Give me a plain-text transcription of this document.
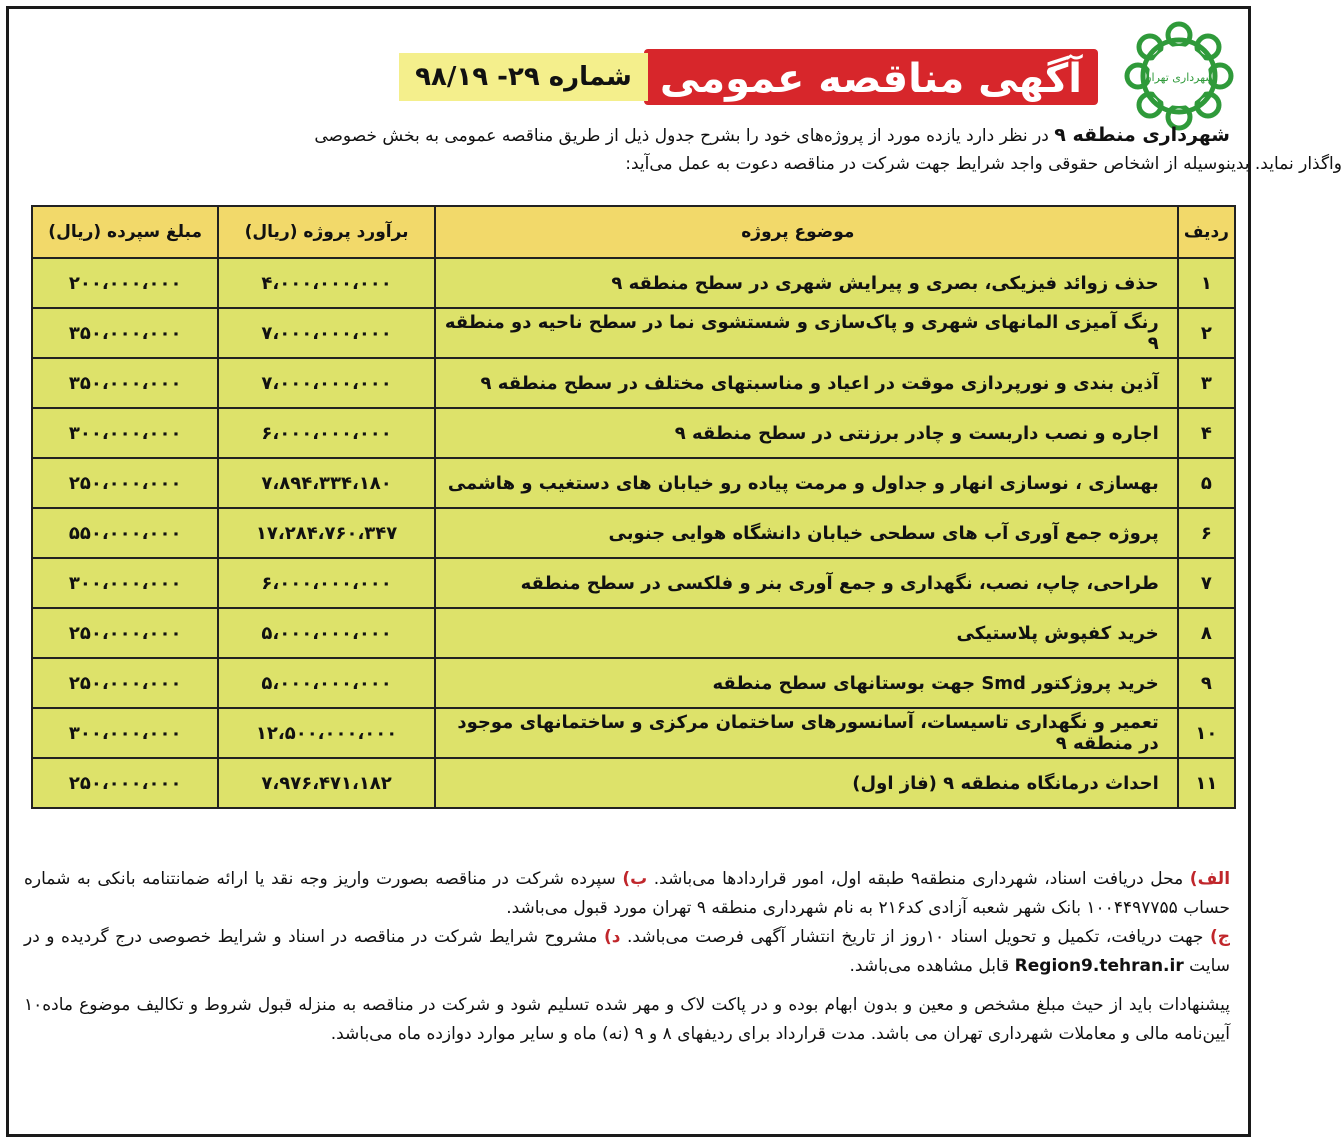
شهرداری تهران
آگهی مناقصه عمومی
شماره ۲۹- ۹۸/۱۹
شهرداری منطقه ۹ در نظر دارد یازده مورد از پروژه‌های خود را بشرح جدول ذیل از طریق مناقصه عمومی به بخش خصوصی
واگذار نماید. بدینوسیله از اشخاص حقوقی واجد شرایط جهت شرکت در مناقصه دعوت به عمل می‌آید:
ردیف	موضوع پروژه	برآورد پروژه (ریال)	مبلغ سپرده (ریال)
۱	حذف زوائد فیزیکی، بصری و پیرایش شهری در سطح منطقه ۹	۴،۰۰۰،۰۰۰،۰۰۰	۲۰۰،۰۰۰،۰۰۰
۲	رنگ آمیزی المانهای شهری و پاک‌سازی و شستشوی نما در سطح ناحیه دو منطقه ۹	۷،۰۰۰،۰۰۰،۰۰۰	۳۵۰،۰۰۰،۰۰۰
۳	آذین بندی و نورپردازی موقت در اعیاد و مناسبتهای مختلف در سطح منطقه ۹	۷،۰۰۰،۰۰۰،۰۰۰	۳۵۰،۰۰۰،۰۰۰
۴	اجاره و نصب داربست و چادر برزنتی در سطح منطقه ۹	۶،۰۰۰،۰۰۰،۰۰۰	۳۰۰،۰۰۰،۰۰۰
۵	بهسازی ، نوسازی انهار و جداول و مرمت پیاده رو خیابان های دستغیب و هاشمی	۷،۸۹۴،۳۳۴،۱۸۰	۲۵۰،۰۰۰،۰۰۰
۶	پروژه جمع آوری آب های سطحی خیابان دانشگاه هوایی جنوبی	۱۷،۲۸۴،۷۶۰،۳۴۷	۵۵۰،۰۰۰،۰۰۰
۷	طراحی، چاپ، نصب، نگهداری و جمع آوری بنر و فلکسی در سطح منطقه	۶،۰۰۰،۰۰۰،۰۰۰	۳۰۰،۰۰۰،۰۰۰
۸	خرید کفپوش پلاستیکی	۵،۰۰۰،۰۰۰،۰۰۰	۲۵۰،۰۰۰،۰۰۰
۹	خرید پروژکتور Smd جهت بوستانهای سطح منطقه	۵،۰۰۰،۰۰۰،۰۰۰	۲۵۰،۰۰۰،۰۰۰
۱۰	تعمیر و نگهداری تاسیسات، آسانسورهای ساختمان مرکزی و ساختمانهای موجود در منطقه ۹	۱۲،۵۰۰،۰۰۰،۰۰۰	۳۰۰،۰۰۰،۰۰۰
۱۱	احداث درمانگاه منطقه ۹ (فاز اول)	۷،۹۷۶،۴۷۱،۱۸۲	۲۵۰،۰۰۰،۰۰۰

الف) محل دریافت اسناد، شهرداری منطقه۹ طبقه اول، امور قراردادها می‌باشد. ب) سپرده شرکت در مناقصه بصورت واریز وجه نقد یا ارائه ضمانتنامه بانکی به شماره حساب ۱۰۰۴۴۹۷۷۵۵ بانک شهر شعبه آزادی کد۲۱۶ به نام شهرداری منطقه ۹ تهران مورد قبول می‌باشد.

ج) جهت دریافت، تکمیل و تحویل اسناد ۱۰روز از تاریخ انتشار آگهی فرصت می‌باشد. د) مشروح شرایط شرکت در مناقصه در اسناد و شرایط خصوصی درج گردیده و در سایت Region9.tehran.ir قابل مشاهده می‌باشد.

پیشنهادات باید از حیث مبلغ مشخص و معین و بدون ابهام بوده و در پاکت لاک و مهر شده تسلیم شود و شرکت در مناقصه به منزله قبول شروط و تکالیف موضوع ماده۱۰ آیین‌نامه مالی و معاملات شهرداری تهران می باشد. مدت قرارداد برای ردیفهای ۸ و ۹ (نه) ماه و سایر موارد دوازده ماه می‌باشد.
